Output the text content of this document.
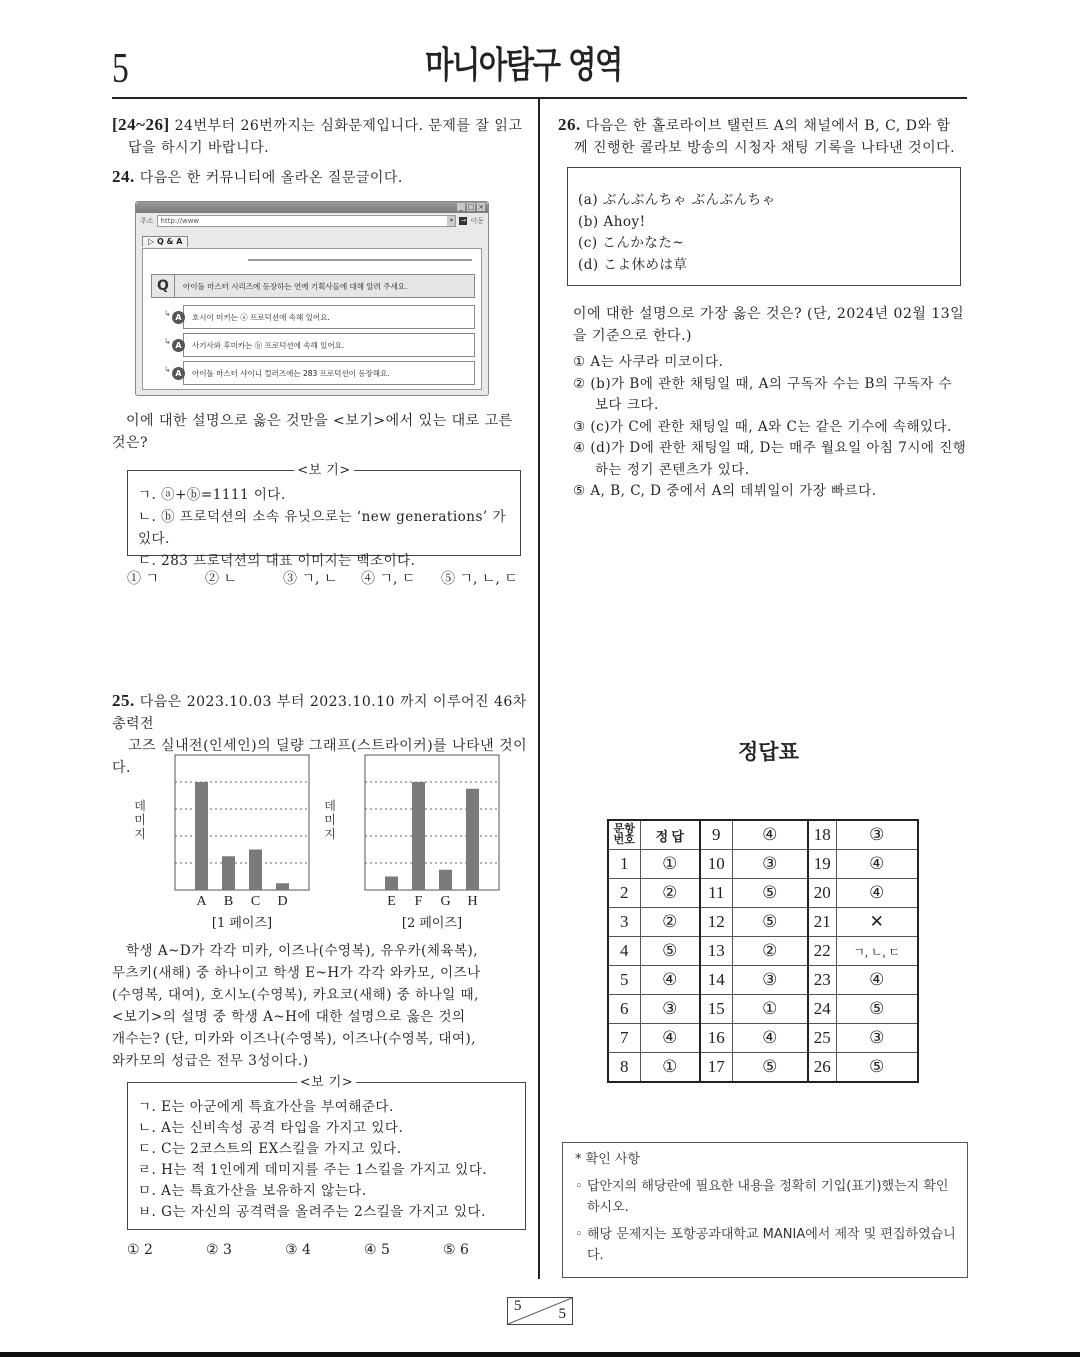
5	마니아탐구 영역
[24~26] 24번부터 26번까지는 심화문제입니다. 문제를 잘 읽고
답을 하시기 바랍니다.
24. 다음은 한 커뮤니티에 올라온 질문글이다.
_ □ ×
주소	http://www	▾	→ 이동
▷ Q & A
Q	아이돌 마스터 시리즈에 등장하는 연예 기획사들에 대해 알려 주세요.
↳ A	호시이 미키는 ⓐ 프로덕션에 속해 있어요.
↳ A	사기사와 후미카는 ⓑ 프로덕션에 속해 있어요.
↳ A	아이돌 마스터 샤이니 컬러즈에는 283 프로덕션이 등장해요.
이에 대한 설명으로 옳은 것만을 <보기>에서 있는 대로 고른
것은?
<보 기>
ㄱ. ⓐ+ⓑ=1111 이다.
ㄴ. ⓑ 프로덕션의 소속 유닛으로는 ‘new generations’ 가 있다.
ㄷ. 283 프로덕션의 대표 이미지는 백조이다.
① ㄱ	② ㄴ	③ ㄱ, ㄴ	④ ㄱ, ㄷ	⑤ ㄱ, ㄴ, ㄷ
25. 다음은 2023.10.03 부터 2023.10.10 까지 이루어진 46차 총력전
고즈 실내전(인세인)의 딜량 그래프(스트라이커)를 나타낸 것이다.
A B C D
[1 페이즈]
데
미
지
E F G H
[2 페이즈]
데
미
지
학생 A~D가 각각 미카, 이즈나(수영복), 유우카(체육복),
무츠키(새해) 중 하나이고 학생 E~H가 각각 와카모, 이즈나
(수영복, 대여), 호시노(수영복), 카요코(새해) 중 하나일 때,
<보기>의 설명 중 학생 A~H에 대한 설명으로 옳은 것의
개수는? (단, 미카와 이즈나(수영복), 이즈나(수영복, 대여),
와카모의 성급은 전무 3성이다.)
<보 기>
ㄱ. E는 아군에게 특효가산을 부여해준다.
ㄴ. A는 신비속성 공격 타입을 가지고 있다.
ㄷ. C는 2코스트의 EX스킬을 가지고 있다.
ㄹ. H는 적 1인에게 데미지를 주는 1스킬을 가지고 있다.
ㅁ. A는 특효가산을 보유하지 않는다.
ㅂ. G는 자신의 공격력을 올려주는 2스킬을 가지고 있다.
① 2	② 3	③ 4	④ 5	⑤ 6
26. 다음은 한 홀로라이브 탤런트 A의 채널에서 B, C, D와 함
께 진행한 콜라보 방송의 시청자 채팅 기록을 나타낸 것이다.
(a) ぶんぶんちゃ ぶんぶんちゃ
(b) Ahoy!
(c) こんかなた~
(d) こよ休めは草
이에 대한 설명으로 가장 옳은 것은? (단, 2024년 02월 13일
을 기준으로 한다.)
① A는 사쿠라 미코이다.
② (b)가 B에 관한 채팅일 때, A의 구독자 수는 B의 구독자 수
보다 크다.
③ (c)가 C에 관한 채팅일 때, A와 C는 같은 기수에 속해있다.
④ (d)가 D에 관한 채팅일 때, D는 매주 월요일 아침 7시에 진행
하는 정기 콘텐츠가 있다.
⑤ A, B, C, D 중에서 A의 데뷔일이 가장 빠르다.
정답표
문항
번호	정 답	9	④	18	③
1	①	10	③	19	④
2	②	11	⑤	20	④
3	②	12	⑤	21	✕
4	⑤	13	②	22	ㄱ, ㄴ, ㄷ
5	④	14	③	23	④
6	③	15	①	24	⑤
7	④	16	④	25	③
8	①	17	⑤	26	⑤
* 확인 사항
◦ 답안지의 해당란에 필요한 내용을 정확히 기입(표기)했는지 확인하시오.
◦ 해당 문제지는 포항공과대학교 MANIA에서 제작 및 편집하였습니다.
5 5
